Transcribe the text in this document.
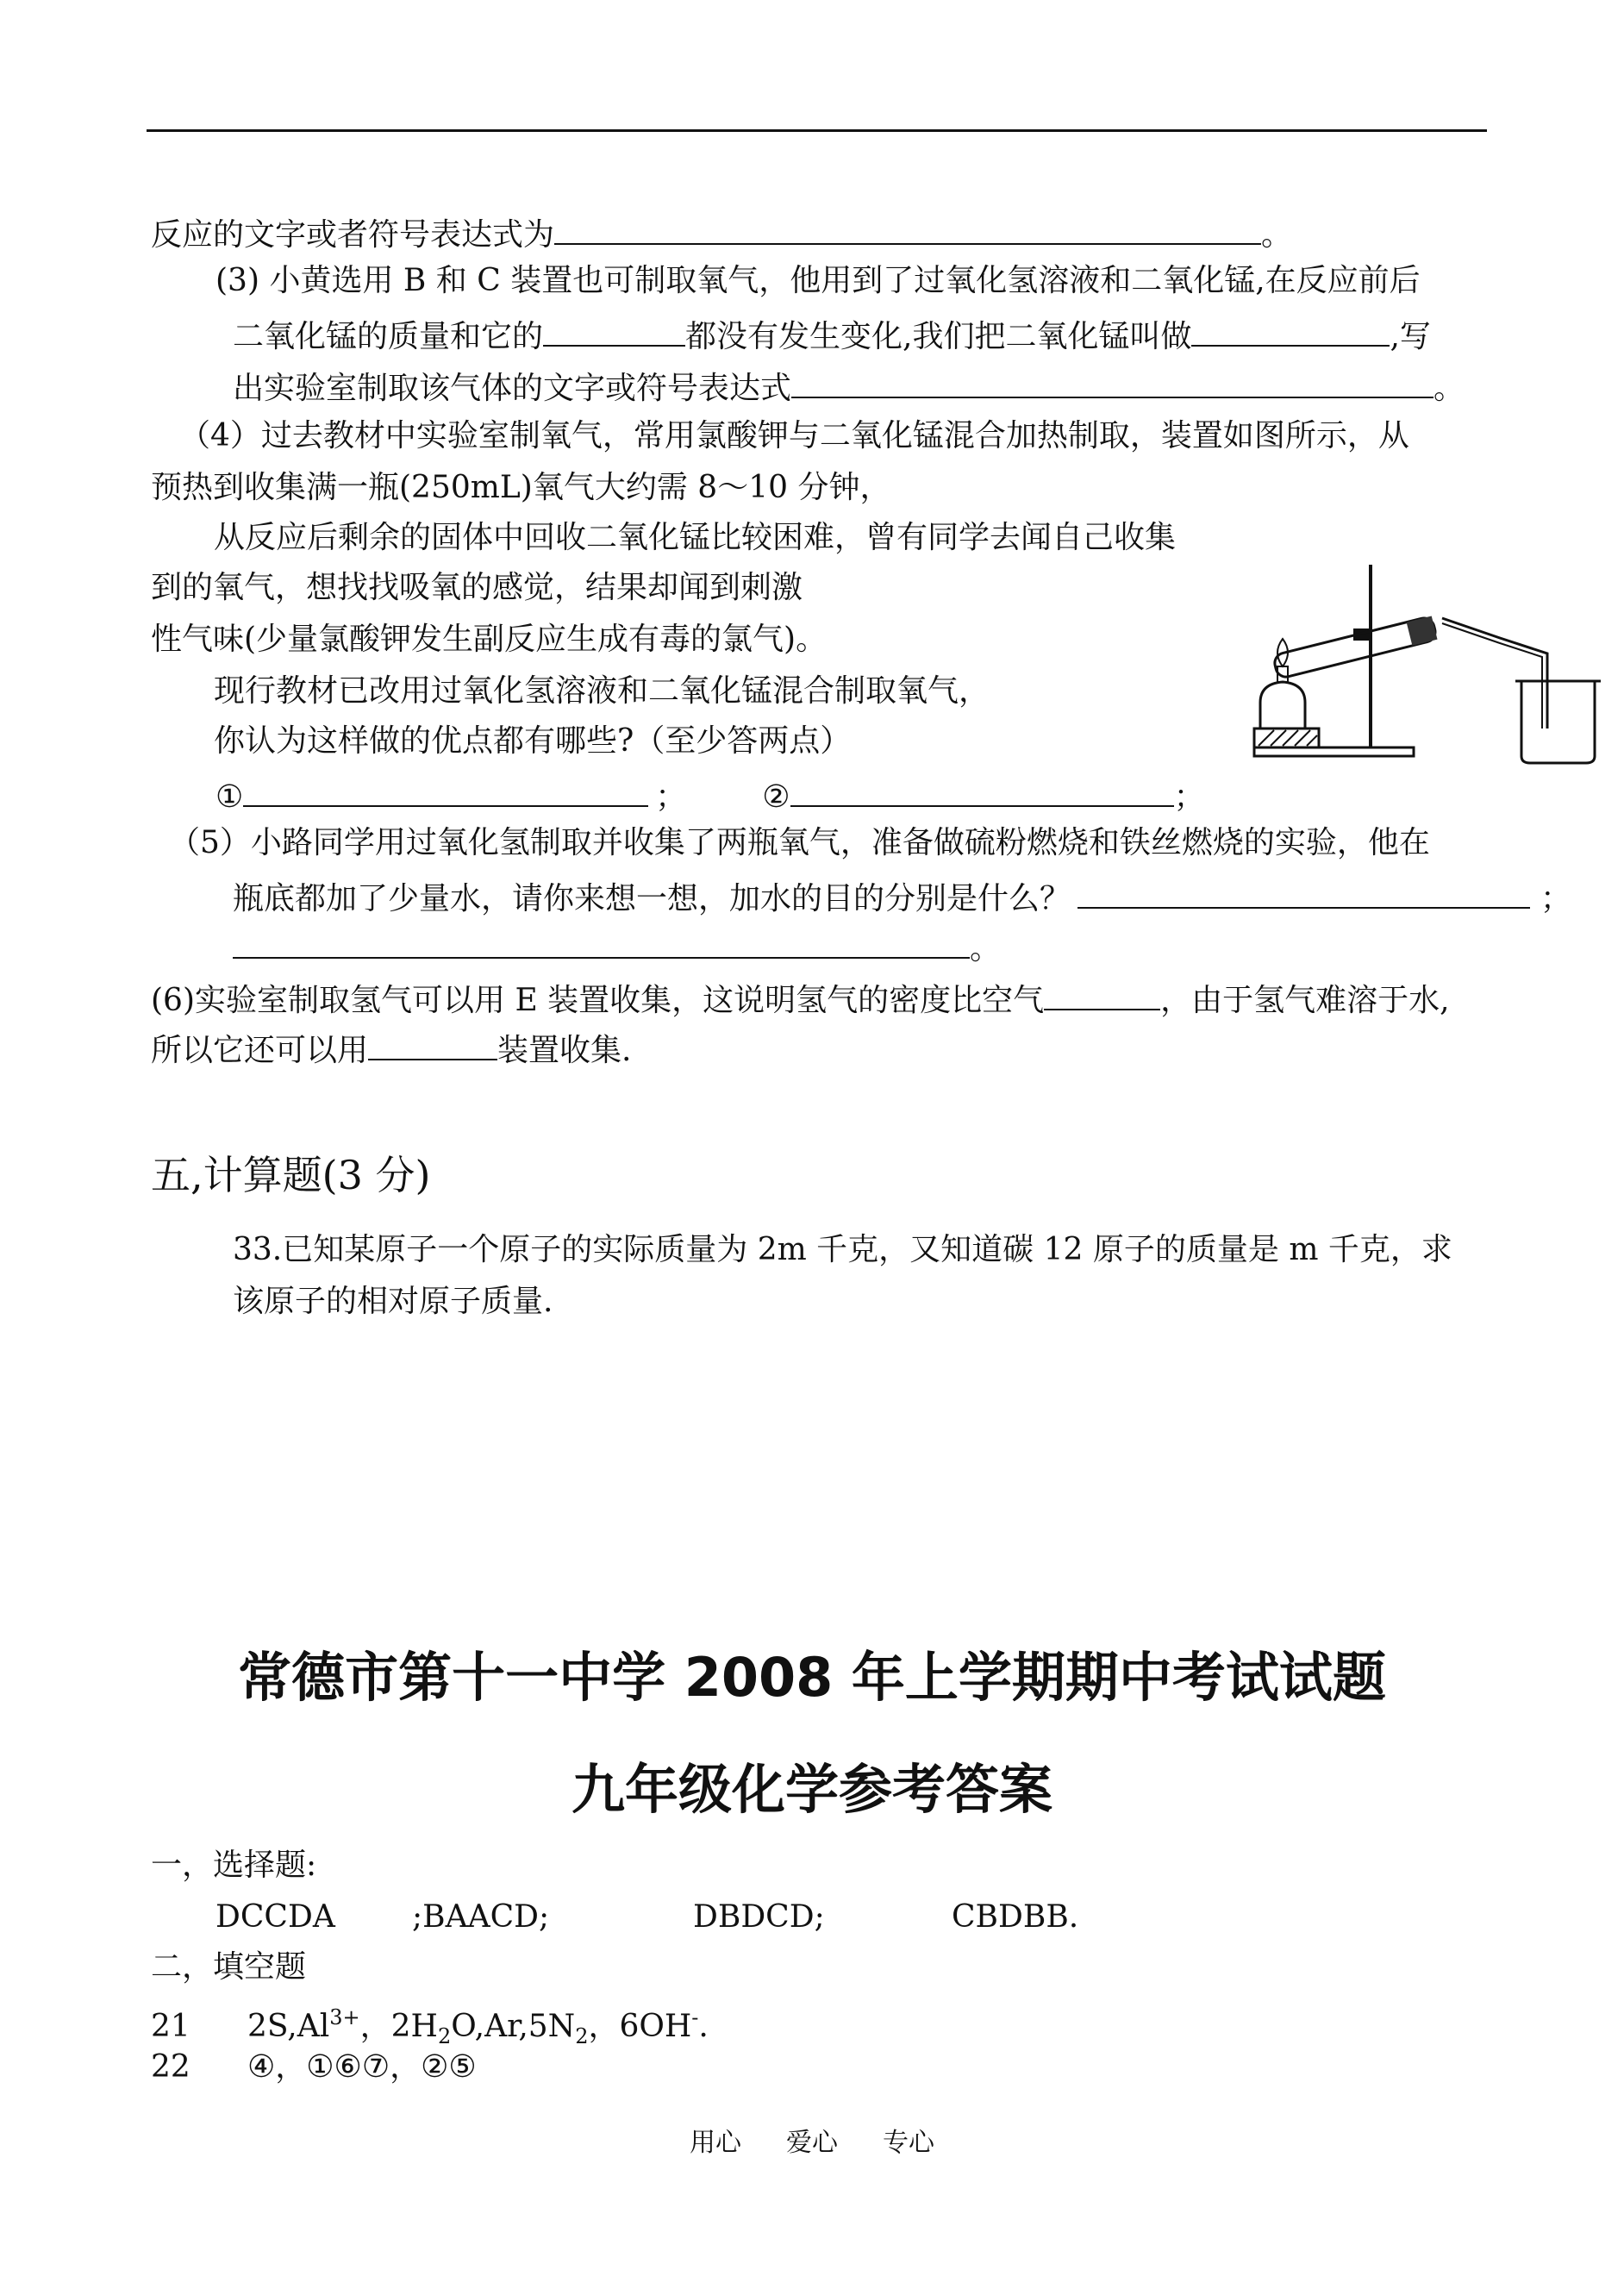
反应的文字或者符号表达式为	。
(3) 小黄选用 B 和 C 装置也可制取氧气，他用到了过氧化氢溶液和二氧化锰,在反应前后
二氧化锰的质量和它的	都没有发生变化,我们把二氧化锰叫做	,写
出实验室制取该气体的文字或符号表达式	。
（4）过去教材中实验室制氧气，常用氯酸钾与二氧化锰混合加热制取，装置如图所示，从
预热到收集满一瓶(250mL)氧气大约需 8～10 分钟，
从反应后剩余的固体中回收二氧化锰比较困难，曾有同学去闻自己收集
到的氧气，想找找吸氧的感觉，结果却闻到刺激
性气味(少量氯酸钾发生副反应生成有毒的氯气)。
现行教材已改用过氧化氢溶液和二氧化锰混合制取氧气，
你认为这样做的优点都有哪些?（至少答两点）
①	； ②	；
（5）小路同学用过氧化氢制取并收集了两瓶氧气，准备做硫粉燃烧和铁丝燃烧的实验，他在
瓶底都加了少量水，请你来想一想，加水的目的分别是什么？	；
。
(6)实验室制取氢气可以用 E 装置收集，这说明氢气的密度比空气	，由于氢气难溶于水,
所以它还可以用	装置收集.
五,计算题(3 分)
33.已知某原子一个原子的实际质量为 2m 千克，又知道碳 12 原子的质量是 m 千克，求
该原子的相对原子质量.
常德市第十一中学 2008 年上学期期中考试试题
九年级化学参考答案
一，选择题:
DCCDA ;BAACD;	DBDCD;	CBDBB.
二，填空题
21 $2S,Al^{3+}$，$2H_2O,Ar,5N_2$，6OH-.
22 ④，①⑥⑦，②⑤
用心 爱心 专心
